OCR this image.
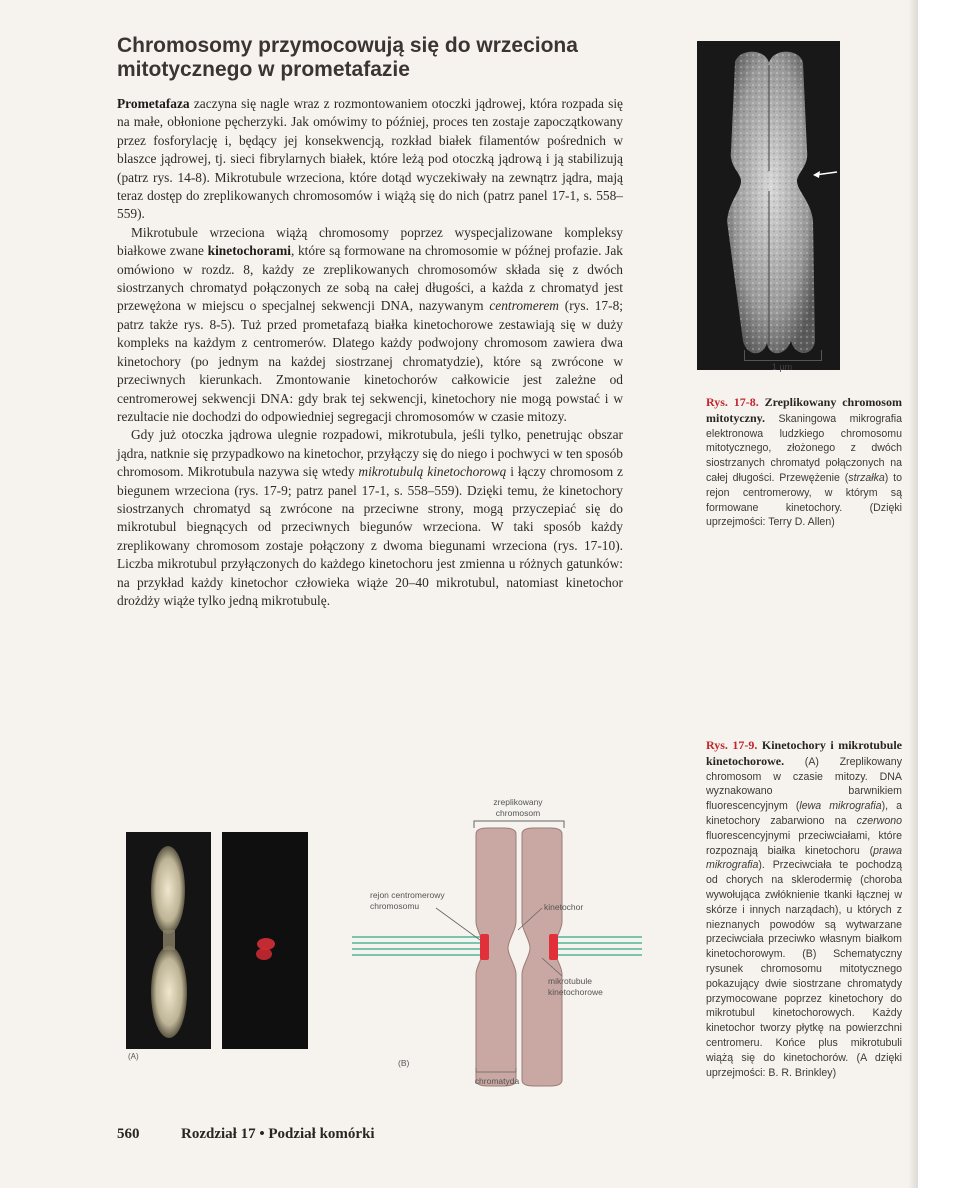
Chromosomy przymocowują się do wrzeciona mitotycznego w prometafazie

Prometafaza zaczyna się nagle wraz z rozmontowaniem otoczki jądrowej, która rozpada się na małe, obłonione pęcherzyki. Jak omówimy to później, proces ten zostaje zapoczątkowany przez fosforylację i, będący jej konsekwencją, rozkład białek filamentów pośrednich w blaszce jądrowej, tj. sieci fibrylarnych białek, które leżą pod otoczką jądrową i ją stabilizują (patrz rys. 14-8). Mikrotubule wrzeciona, które dotąd wyczekiwały na zewnątrz jądra, mają teraz dostęp do zreplikowanych chromosomów i wiążą się do nich (patrz panel 17-1, s. 558–559).

Mikrotubule wrzeciona wiążą chromosomy poprzez wyspecjalizowane kompleksy białkowe zwane kinetochorami, które są formowane na chromosomie w późnej profazie. Jak omówiono w rozdz. 8, każdy ze zreplikowanych chromosomów składa się z dwóch siostrzanych chromatyd połączonych ze sobą na całej długości, a każda z chromatyd jest przewężona w miejscu o specjalnej sekwencji DNA, nazywanym centromerem (rys. 17-8; patrz także rys. 8-5). Tuż przed prometafazą białka kinetochorowe zestawiają się w duży kompleks na każdym z centromerów. Dlatego każdy podwojony chromosom zawiera dwa kinetochory (po jednym na każdej siostrzanej chromatydzie), które są zwrócone w przeciwnych kierunkach. Zmontowanie kinetochorów całkowicie jest zależne od centromerowej sekwencji DNA: gdy brak tej sekwencji, kinetochory nie mogą powstać i w rezultacie nie dochodzi do odpowiedniej segregacji chromosomów w czasie mitozy.

Gdy już otoczka jądrowa ulegnie rozpadowi, mikrotubula, jeśli tylko, penetrując obszar jądra, natknie się przypadkowo na kinetochor, przyłączy się do niego i pochwyci w ten sposób chromosom. Mikrotubula nazywa się wtedy mikrotubulą kinetochorową i łączy chromosom z biegunem wrzeciona (rys. 17-9; patrz panel 17-1, s. 558–559). Dzięki temu, że kinetochory siostrzanych chromatyd są zwrócone na przeciwne strony, mogą przyczepiać się do mikrotubul biegnących od przeciwnych biegunów wrzeciona. W taki sposób każdy zreplikowany chromosom zostaje połączony z dwoma biegunami wrzeciona (rys. 17-10). Liczba mikrotubul przyłączonych do każdego kinetochoru jest zmienna u różnych gatunków: na przykład każdy kinetochor człowieka wiąże 20–40 mikrotubul, natomiast kinetochor drożdży wiąże tylko jedną mikrotubulę.

1 µm
Rys. 17-8. Zreplikowany chromosom mitotyczny. Skaningowa mikrografia elektronowa ludzkiego chromosomu mitotycznego, złożonego z dwóch siostrzanych chromatyd połączonych na całej długości. Przewężenie (strzałka) to rejon centromerowy, w którym są formowane kinetochory. (Dzięki uprzejmości: Terry D. Allen)
Rys. 17-9. Kinetochory i mikrotubule kinetochorowe. (A) Zreplikowany chromosom w czasie mitozy. DNA wyznakowano barwnikiem fluorescencyjnym (lewa mikrografia), a kinetochory zabarwiono na czerwono fluorescencyjnymi przeciwciałami, które rozpoznają białka kinetochoru (prawa mikrografia). Przeciwciała te pochodzą od chorych na sklerodermię (choroba wywołująca zwłóknienie tkanki łącznej w skórze i innych narządach), u których z nieznanych powodów są wytwarzane przeciwciała przeciwko własnym białkom kinetochorowym. (B) Schematyczny rysunek chromosomu mitotycznego pokazujący dwie siostrzane chromatydy przymocowane poprzez kinetochory do mikrotubul kinetochorowych. Każdy kinetochor tworzy płytkę na powierzchni centromeru. Końce plus mikrotubuli wiążą się do kinetochorów. (A dzięki uprzejmości: B. R. Brinkley)
(A)
zreplikowany
chromosom
rejon centromerowy
chromosomu	kinetochor
mikrotubule
kinetochorowe
chromatyda
(B)
560	Rozdział 17 • Podział komórki
